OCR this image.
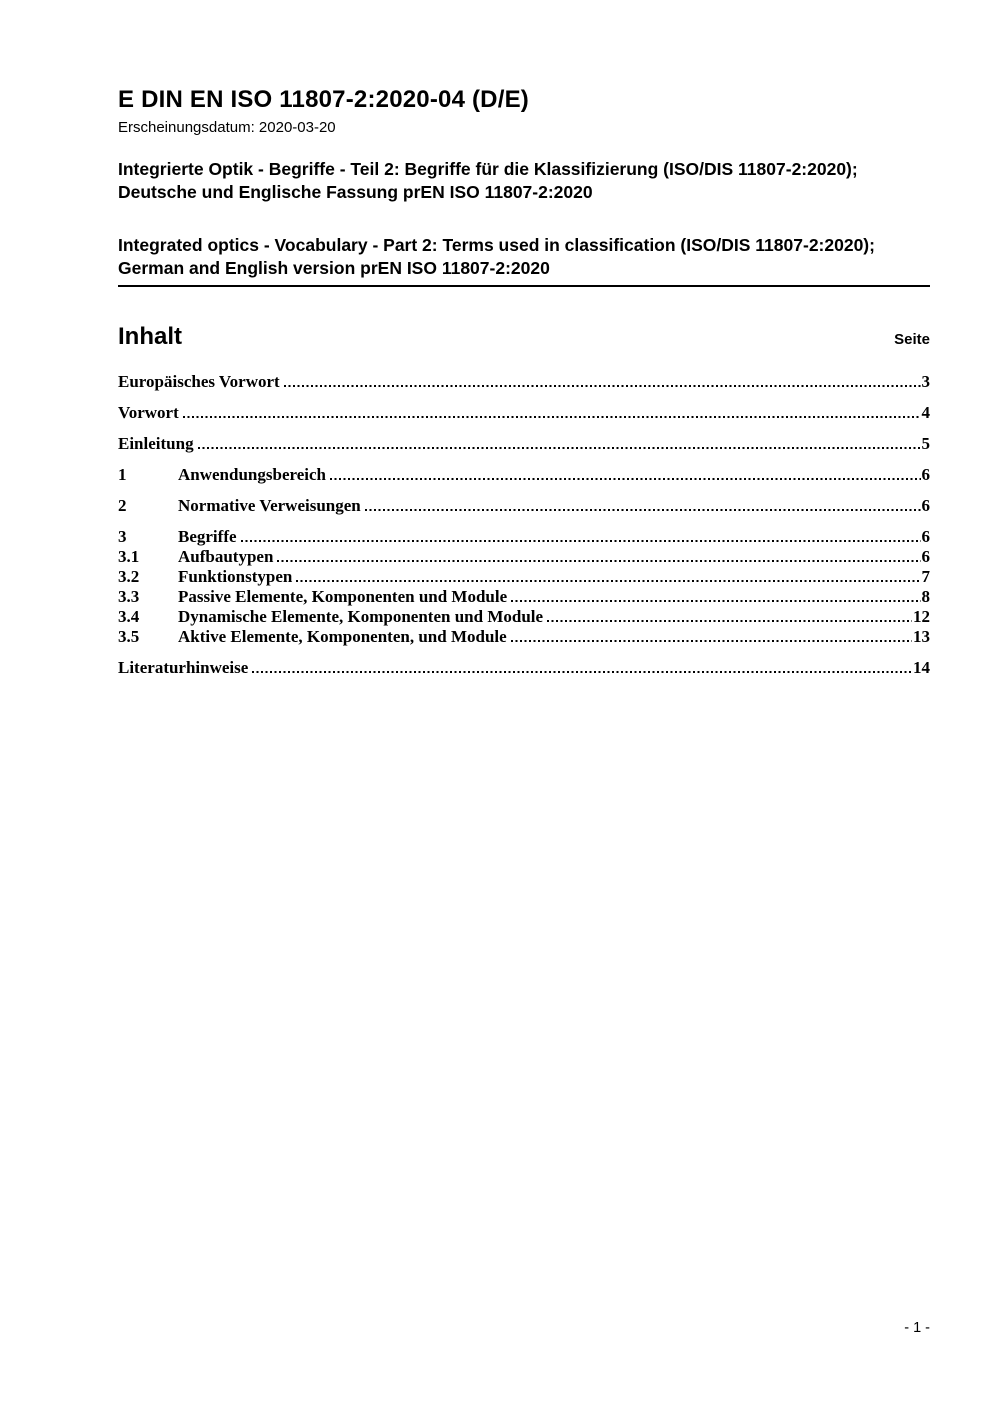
E DIN EN ISO 11807-2:2020-04 (D/E)
Erscheinungsdatum: 2020-03-20

Integrierte Optik - Begriffe - Teil 2: Begriffe für die Klassifizierung (ISO/DIS 11807-2:2020); Deutsche und Englische Fassung prEN ISO 11807-2:2020

Integrated optics - Vocabulary - Part 2: Terms used in classification (ISO/DIS 11807-2:2020); German and English version prEN ISO 11807-2:2020

Inhalt	Seite
Europäisches Vorwort	3
Vorwort	4
Einleitung	5
1	Anwendungsbereich	6
2	Normative Verweisungen	6
3	Begriffe	6
3.1	Aufbautypen	6
3.2	Funktionstypen	7
3.3	Passive Elemente, Komponenten und Module	8
3.4	Dynamische Elemente, Komponenten und Module	12
3.5	Aktive Elemente, Komponenten, und Module	13
Literaturhinweise	14
- 1 -
